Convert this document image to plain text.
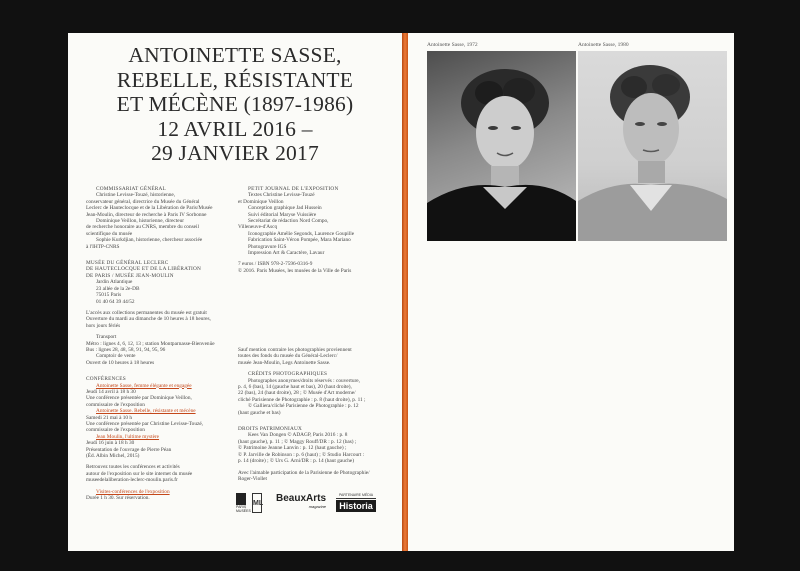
ANTOINETTE SASSE,
REBELLE, RÉSISTANTE
ET MÉCÈNE (1897-1986)
12 AVRIL 2016 –
29 JANVIER 2017
COMMISSARIAT GÉNÉRAL
Christine Levisse-Touzé, historienne,
conservateur général, directrice du Musée du Général
Leclerc de Hauteclocque et de la Libération de Paris/Musée
Jean-Moulin, directeur de recherche à Paris IV Sorbonne
Dominique Veillon, historienne, directeur
de recherche honoraire au CNRS, membre du conseil
scientifique du musée
Sophie Kurkdjian, historienne, chercheur associée
à l'IHTP-CNRS
MUSÉE DU GÉNÉRAL LECLERC
DE HAUTECLOCQUE ET DE LA LIBÉRATION
DE PARIS / MUSÉE JEAN-MOULIN
Jardin Atlantique
23 allée de la 2e-DB
75015 Paris
01 40 64 39 44/52
L'accès aux collections permanentes du musée est gratuit
Ouverture du mardi au dimanche de 10 heures à 18 heures,
hors jours fériés
Transport
Métro : lignes 4, 6, 12, 13 ; station Montparnasse-Bienvenüe
Bus : lignes 28, 48, 58, 91, 94, 95, 96
Comptoir de vente
Ouvert de 10 heures à 18 heures
CONFÉRENCES
Antoinette Sasse, femme élégante et engagée
Jeudi 14 avril à 18 h 30
Une conférence présentée par Dominique Veillon,
commissaire de l'exposition
Antoinette Sasse. Rebelle, résistante et mécène
Samedi 21 mai à 10 h
Une conférence présentée par Christine Levisse-Touzé,
commissaire de l'exposition
Jean Moulin, l'ultime mystère
Jeudi 16 juin à 18 h 30
Présentation de l'ouvrage de Pierre Péan
(Éd. Albin Michel, 2015)
Retrouvez toutes les conférences et activités
autour de l'exposition sur le site internet du musée
museedelaliberation-leclerc-moulin.paris.fr
Visites-conférences de l'exposition
Durée 1 h 30. Sur réservation.
PETIT JOURNAL DE L'EXPOSITION
Textes Christine Levisse-Touzé
et Dominique Veillon
Conception graphique Jad Hussein
Suivi éditorial Maryse Vuissière
Secrétariat de rédaction Nord Compo,
Villeneuve-d'Ascq
Iconographie Amélie Segonds, Laurence Goupille
Fabrication Saint-Véron Pompée, Mara Mariano
Photogravure IGS
Impression Art & Caractère, Lavaur
7 euros / ISBN 978-2-7596-0316-9
© 2016. Paris Musées, les musées de la Ville de Paris
Sauf mention contraire les photographies proviennent
toutes des fonds du musée du Général-Leclerc/
musée Jean-Moulin, Legs Antoinette Sasse.
CRÉDITS PHOTOGRAPHIQUES
Photographes anonymes/droits réservés : couverture,
p. 4, 6 (bas), 14 (gauche haut et bas), 20 (haut droite),
22 (bas), 24 (haut droite), 28 ; © Musée d'Art moderne/
cliché Parisienne de Photographie : p. 8 (haut droite), p. 11 ;
© Galliera/cliché Parisienne de Photographie : p. 12
(haut gauche et bas)
DROITS PATRIMONIAUX
Kees Van Dongen © ADAGP, Paris 2016 : p. 8
(haut gauche), p. 11 ; © Maggy Rouff/DR : p. 12 (bas) ;
© Patrimoine Jeanne Lanvin : p. 12 (haut gauche) ;
© P. Jarville de Robinson : p. 6 (haut) ; © Studio Harcourt :
p. 14 (droite) ; © Urs G. Arni/DR : p. 14 (haut gauche)
Avec l'aimable participation de la Parisienne de Photographie/
Roger-Viollet
PARIS MUSÉES
ML BeauxArts
magazine
PARTENAIRE MÉDIA
Historia
Antoinette Sasse, 1972	Antoinette Sasse, 1980
